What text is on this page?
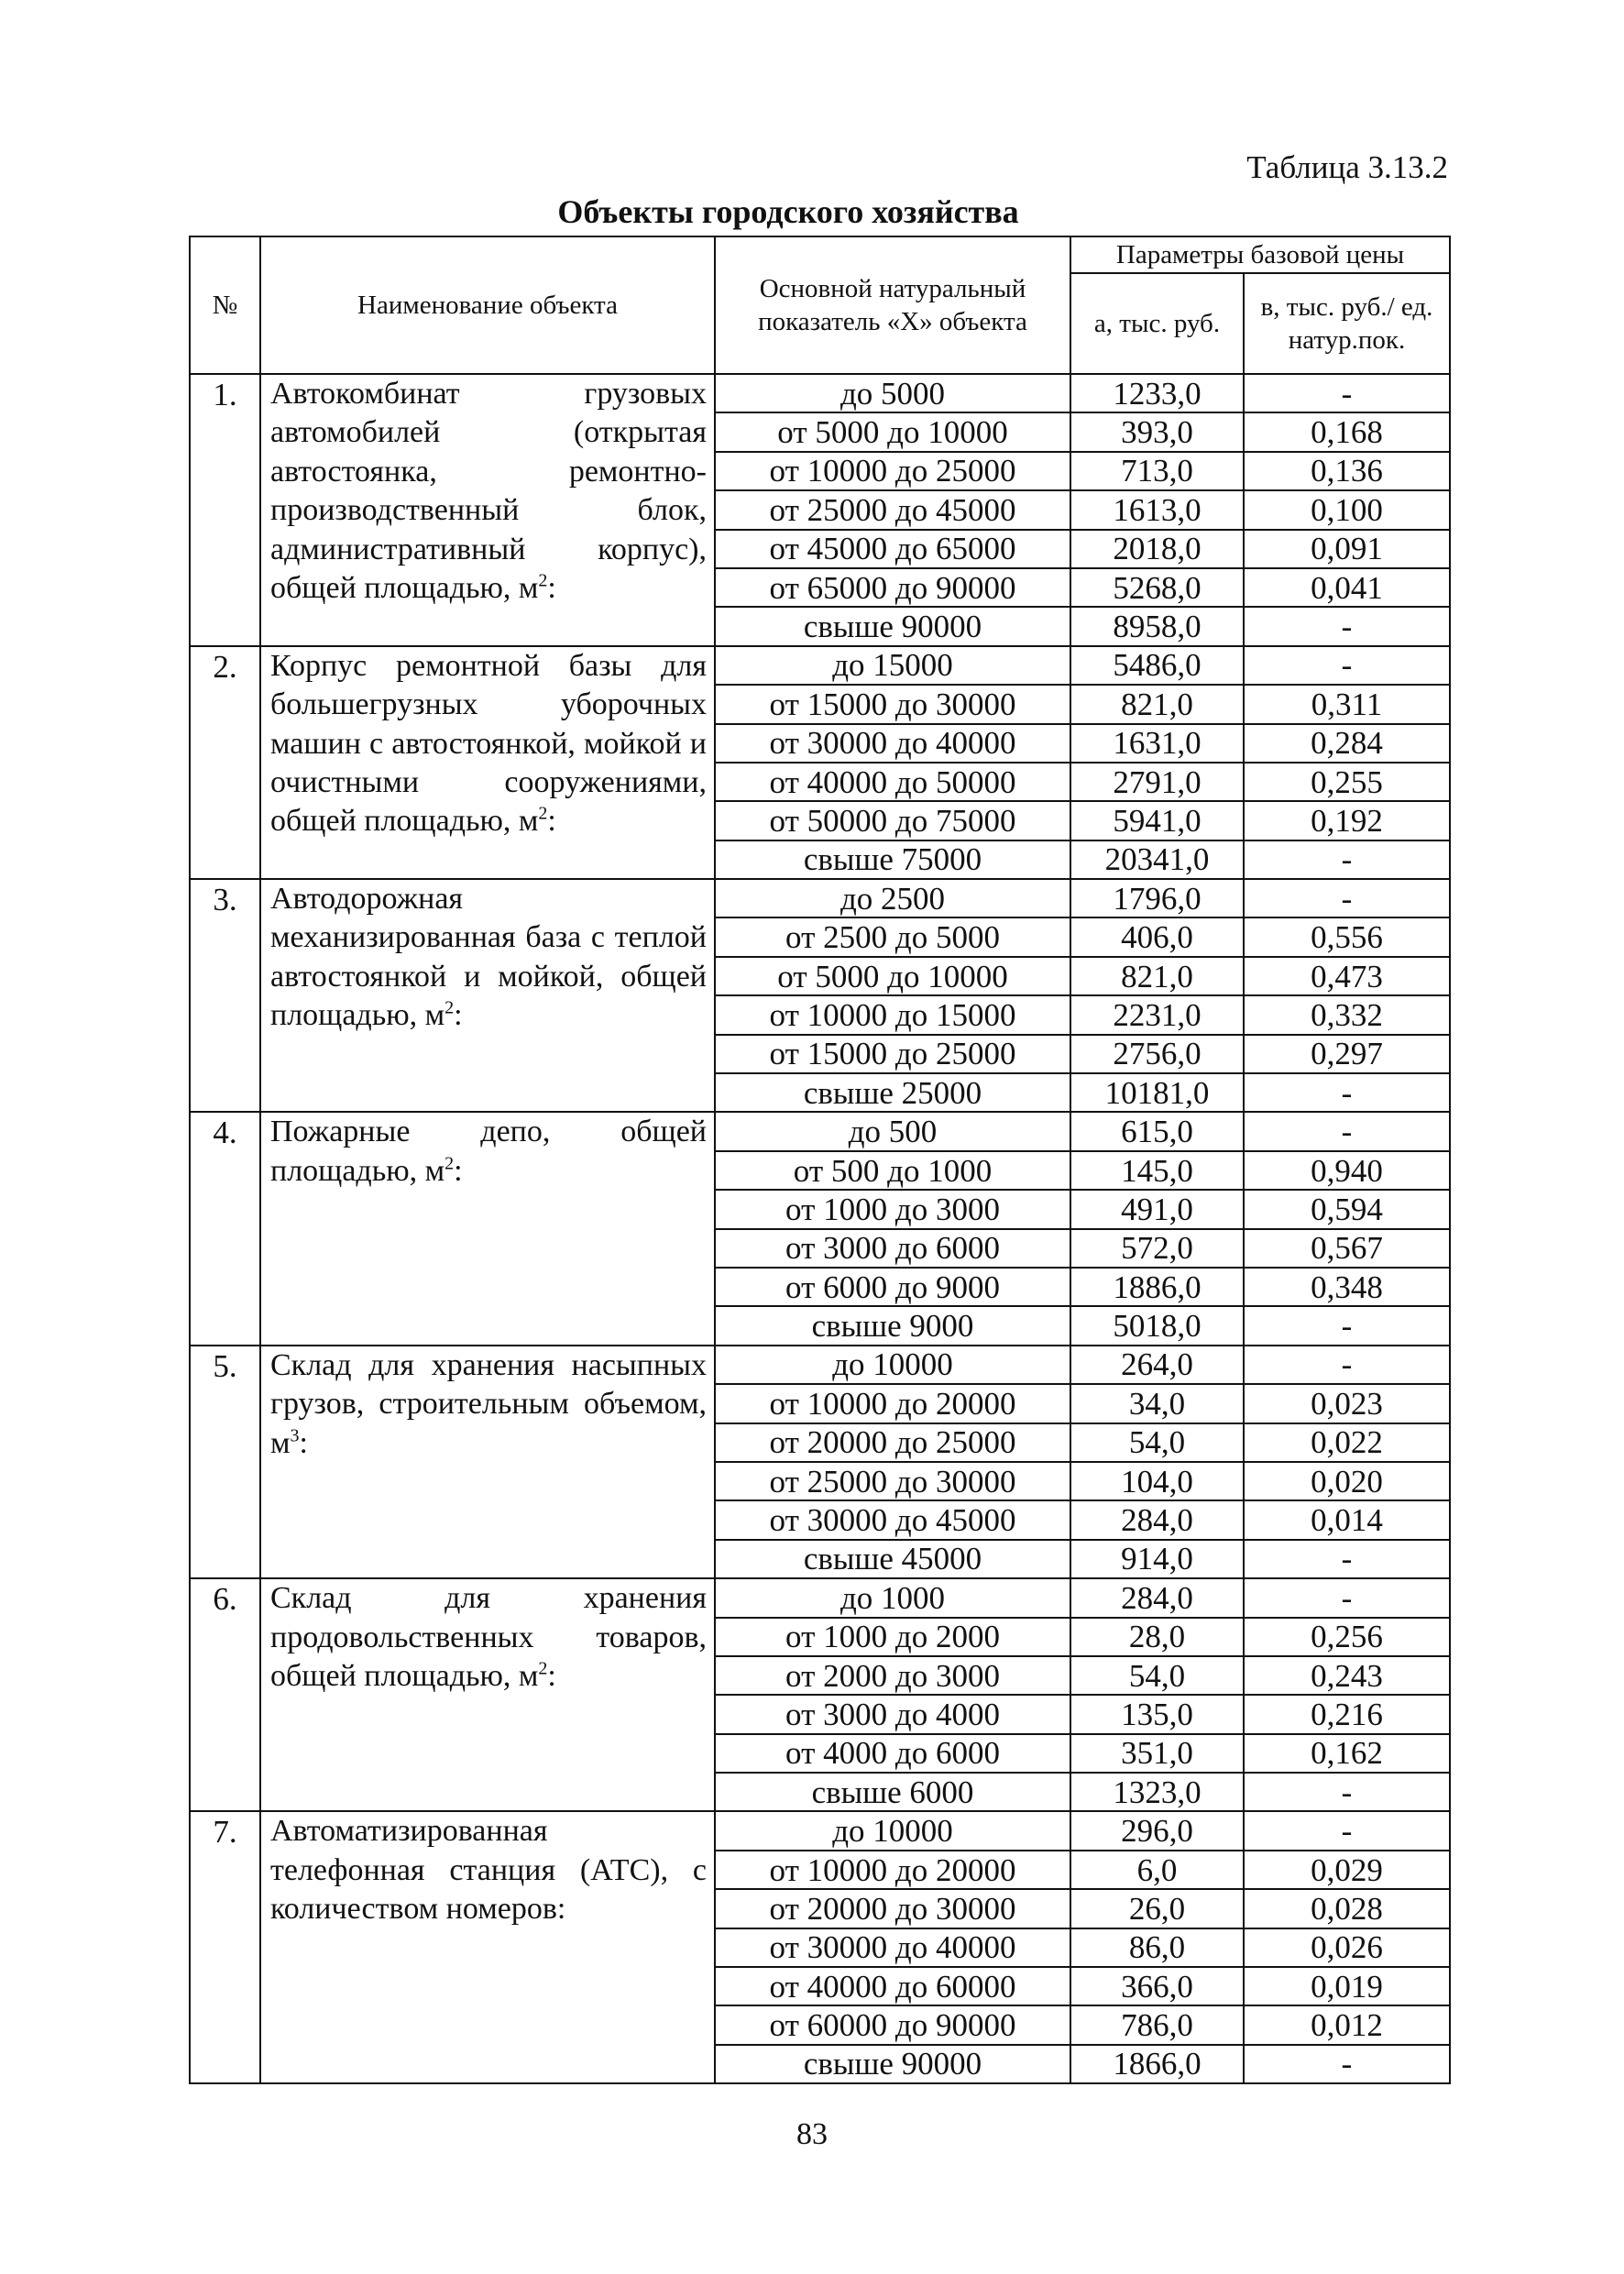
Таблица 3.13.2
Объекты городского хозяйства
№	Наименование объекта	Основной натуральный показатель «Х» объекта	Параметры базовой цены	
			а, тыс. руб.	в, тыс. руб./ ед. натур.пок.
1.	Автокомбинат грузовых автомобилей (открытая автостоянка, ремонтно-производственный блок, административный корпус), общей площадью, $м^2$:	до 5000	1233,0	-
		от 5000 до 10000	393,0	0,168
		от 10000 до 25000	713,0	0,136
		от 25000 до 45000	1613,0	0,100
		от 45000 до 65000	2018,0	0,091
		от 65000 до 90000	5268,0	0,041
		свыше 90000	8958,0	-
2.	Корпус ремонтной базы для большегрузных уборочных машин с автостоянкой, мойкой и очистными сооружениями, общей площадью, $м^2$:	до 15000	5486,0	-
		от 15000 до 30000	821,0	0,311
		от 30000 до 40000	1631,0	0,284
		от 40000 до 50000	2791,0	0,255
		от 50000 до 75000	5941,0	0,192
		свыше 75000	20341,0	-
3.	Автодорожная механизированная база с теплой автостоянкой и мойкой, общей площадью, $м^2$:	до 2500	1796,0	-
		от 2500 до 5000	406,0	0,556
		от 5000 до 10000	821,0	0,473
		от 10000 до 15000	2231,0	0,332
		от 15000 до 25000	2756,0	0,297
		свыше 25000	10181,0	-
4.	Пожарные депо, общей площадью, $м^2$:	до 500	615,0	-
		от 500 до 1000	145,0	0,940
		от 1000 до 3000	491,0	0,594
		от 3000 до 6000	572,0	0,567
		от 6000 до 9000	1886,0	0,348
		свыше 9000	5018,0	-
5.	Склад для хранения насыпных грузов, строительным объемом, $м^3$:	до 10000	264,0	-
		от 10000 до 20000	34,0	0,023
		от 20000 до 25000	54,0	0,022
		от 25000 до 30000	104,0	0,020
		от 30000 до 45000	284,0	0,014
		свыше 45000	914,0	-
6.	Склад для хранения продовольственных товаров, общей площадью, $м^2$:	до 1000	284,0	-
		от 1000 до 2000	28,0	0,256
		от 2000 до 3000	54,0	0,243
		от 3000 до 4000	135,0	0,216
		от 4000 до 6000	351,0	0,162
		свыше 6000	1323,0	-
7.	Автоматизированная телефонная станция (АТС), с количеством номеров:	до 10000	296,0	-
		от 10000 до 20000	6,0	0,029
		от 20000 до 30000	26,0	0,028
		от 30000 до 40000	86,0	0,026
		от 40000 до 60000	366,0	0,019
		от 60000 до 90000	786,0	0,012
		свыше 90000	1866,0	-
83
